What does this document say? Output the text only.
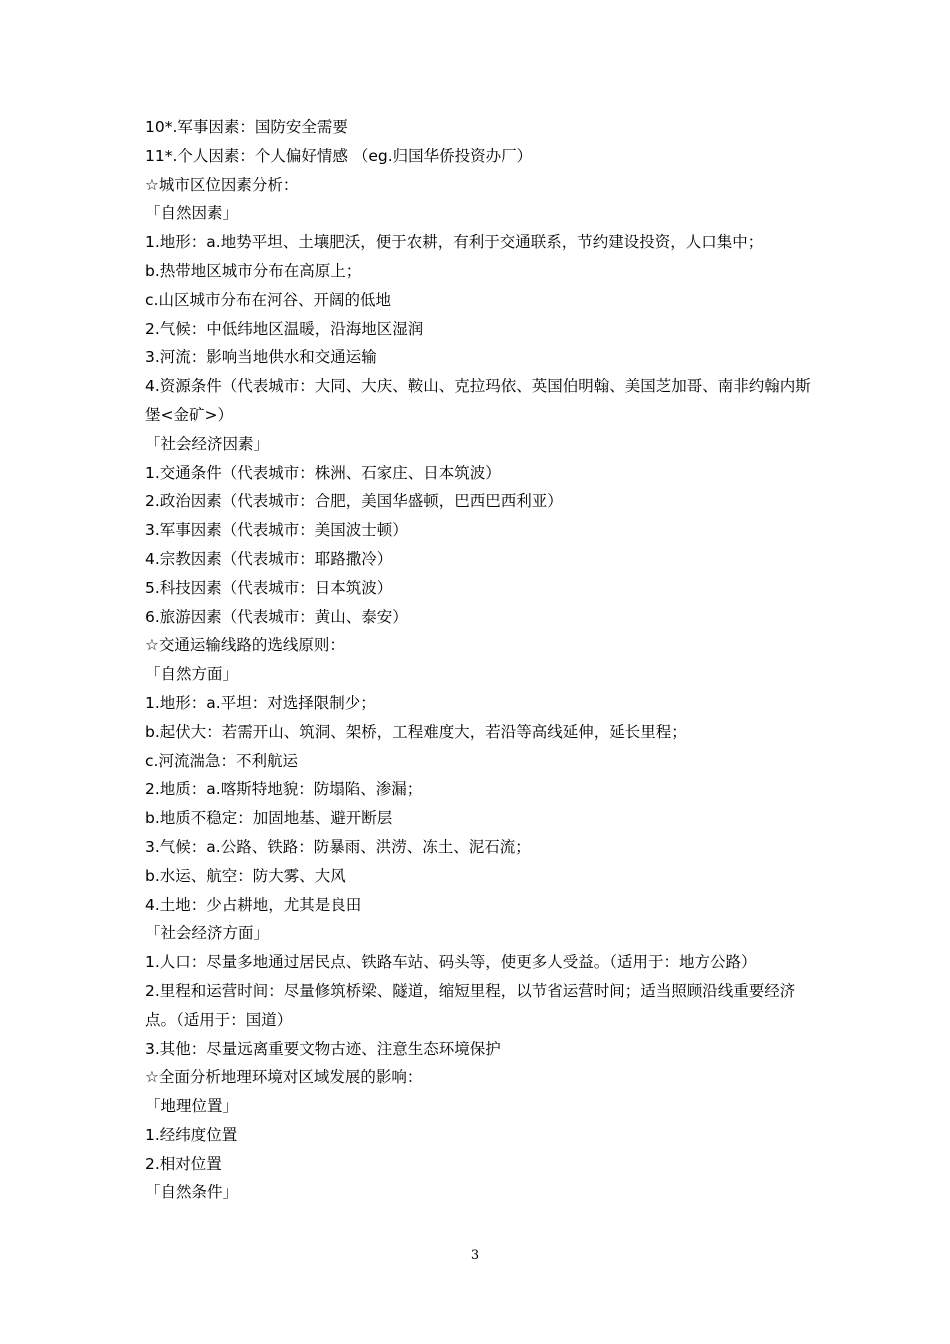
10*.军事因素：国防安全需要
11*.个人因素：个人偏好情感 （eg.归国华侨投资办厂）
☆城市区位因素分析：
「自然因素」
1.地形：a.地势平坦、土壤肥沃，便于农耕，有利于交通联系，节约建设投资，人口集中；
b.热带地区城市分布在高原上；
c.山区城市分布在河谷、开阔的低地
2.气候：中低纬地区温暖，沿海地区湿润
3.河流：影响当地供水和交通运输
4.资源条件（代表城市：大同、大庆、鞍山、克拉玛依、英国伯明翰、美国芝加哥、南非约翰内斯堡<金矿>）
「社会经济因素」
1.交通条件（代表城市：株洲、石家庄、日本筑波）
2.政治因素（代表城市：合肥，美国华盛顿，巴西巴西利亚）
3.军事因素（代表城市：美国波士顿）
4.宗教因素（代表城市：耶路撒冷）
5.科技因素（代表城市：日本筑波）
6.旅游因素（代表城市：黄山、泰安）
☆交通运输线路的选线原则：
「自然方面」
1.地形：a.平坦：对选择限制少；
b.起伏大：若需开山、筑洞、架桥，工程难度大，若沿等高线延伸，延长里程；
c.河流湍急：不利航运
2.地质：a.喀斯特地貌：防塌陷、渗漏；
b.地质不稳定：加固地基、避开断层
3.气候：a.公路、铁路：防暴雨、洪涝、冻土、泥石流；
b.水运、航空：防大雾、大风
4.土地：少占耕地，尤其是良田
「社会经济方面」
1.人口：尽量多地通过居民点、铁路车站、码头等，使更多人受益。（适用于：地方公路）
2.里程和运营时间：尽量修筑桥梁、隧道，缩短里程，以节省运营时间；适当照顾沿线重要经济点。（适用于：国道）
3.其他：尽量远离重要文物古迹、注意生态环境保护
☆全面分析地理环境对区域发展的影响：
「地理位置」
1.经纬度位置
2.相对位置
「自然条件」
3
